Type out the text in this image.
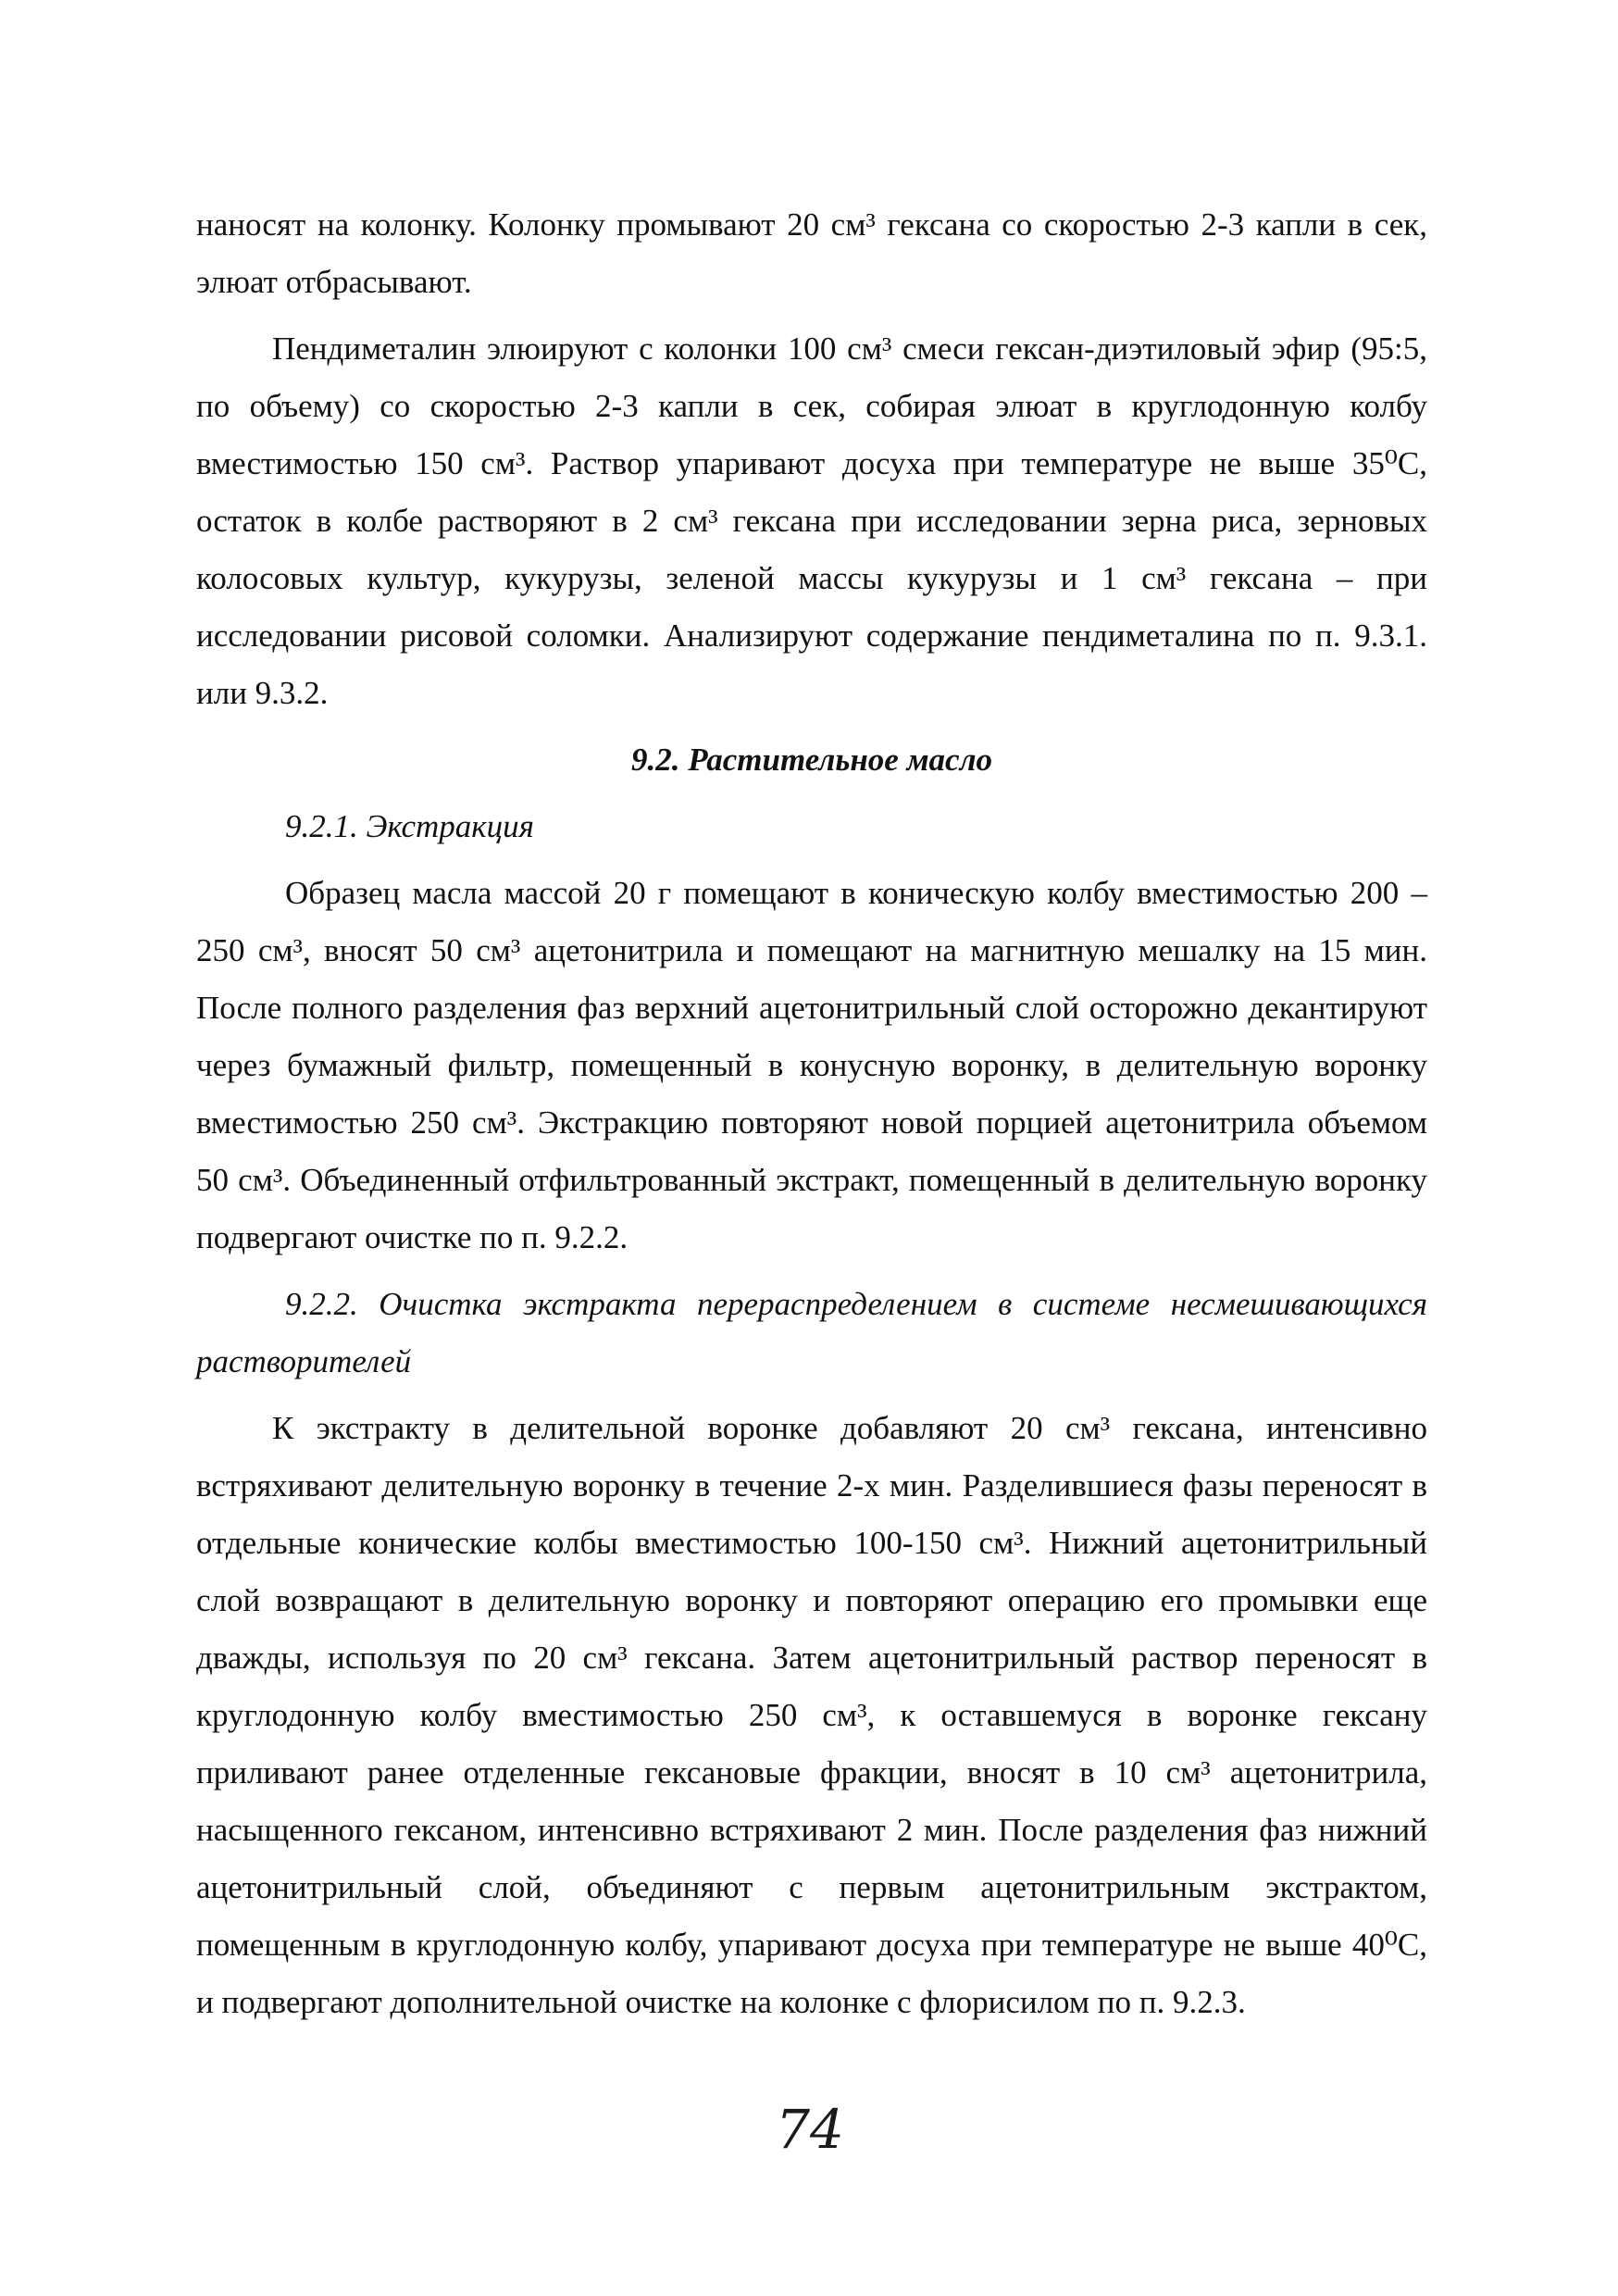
наносят на колонку. Колонку промывают 20 см³ гексана со скоростью 2-3 капли в сек, элюат отбрасывают.

Пендиметалин элюируют с колонки 100 см³ смеси гексан-диэтиловый эфир (95:5, по объему) со скоростью 2-3 капли в сек, собирая элюат в круглодонную колбу вместимостью 150 см³. Раствор упаривают досуха при температуре не выше 35⁰С, остаток в колбе растворяют в 2 см³ гексана при исследовании зерна риса, зерновых колосовых культур, кукурузы, зеленой массы кукурузы и 1 см³ гексана – при исследовании рисовой соломки. Анализируют содержание пендиметалина по п. 9.3.1. или 9.3.2.

9.2. Растительное масло

9.2.1. Экстракция

Образец масла массой 20 г помещают в коническую колбу вместимостью 200 – 250 см³, вносят 50 см³ ацетонитрила и помещают на магнитную мешалку на 15 мин. После полного разделения фаз верхний ацетонитрильный слой осторожно декантируют через бумажный фильтр, помещенный в конусную воронку, в делительную воронку вместимостью 250 см³. Экстракцию повторяют новой порцией ацетонитрила объемом 50 см³. Объединенный отфильтрованный экстракт, помещенный в делительную воронку подвергают очистке по п. 9.2.2.

9.2.2. Очистка экстракта перераспределением в системе несмешивающихся растворителей

К экстракту в делительной воронке добавляют 20 см³ гексана, интенсивно встряхивают делительную воронку в течение 2-х мин. Разделившиеся фазы переносят в отдельные конические колбы вместимостью 100-150 см³. Нижний ацетонитрильный слой возвращают в делительную воронку и повторяют операцию его промывки еще дважды, используя по 20 см³ гексана. Затем ацетонитрильный раствор переносят в круглодонную колбу вместимостью 250 см³, к оставшемуся в воронке гексану приливают ранее отделенные гексановые фракции, вносят в 10 см³ ацетонитрила, насыщенного гексаном, интенсивно встряхивают 2 мин. После разделения фаз нижний ацетонитрильный слой, объединяют с первым ацетонитрильным экстрактом, помещенным в круглодонную колбу, упаривают досуха при температуре не выше 40⁰С, и подвергают дополнительной очистке на колонке с флорисилом по п. 9.2.3.

74
